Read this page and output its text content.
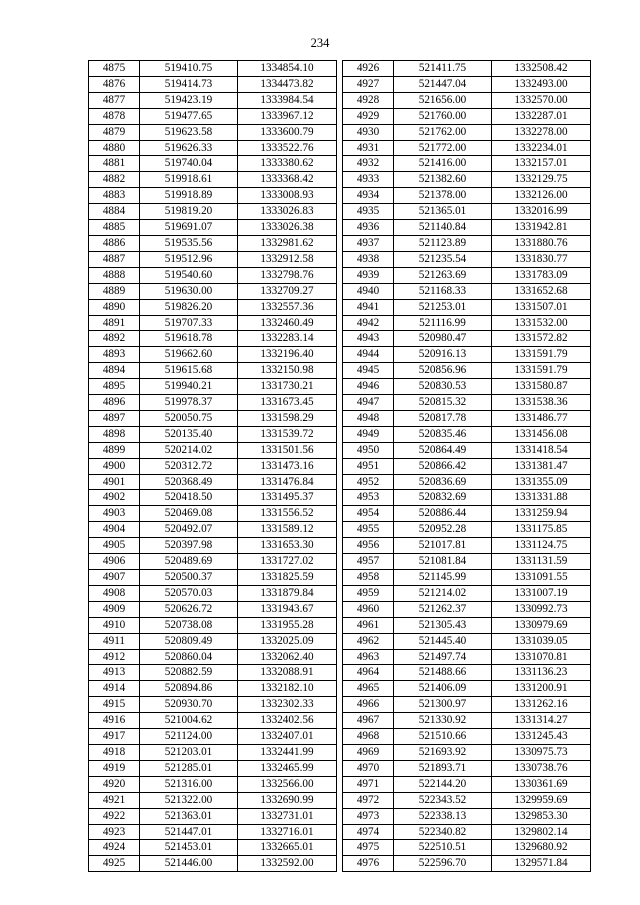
234
4875	519410.75	1334854.10
4876	519414.73	1334473.82
4877	519423.19	1333984.54
4878	519477.65	1333967.12
4879	519623.58	1333600.79
4880	519626.33	1333522.76
4881	519740.04	1333380.62
4882	519918.61	1333368.42
4883	519918.89	1333008.93
4884	519819.20	1333026.83
4885	519691.07	1333026.38
4886	519535.56	1332981.62
4887	519512.96	1332912.58
4888	519540.60	1332798.76
4889	519630.00	1332709.27
4890	519826.20	1332557.36
4891	519707.33	1332460.49
4892	519618.78	1332283.14
4893	519662.60	1332196.40
4894	519615.68	1332150.98
4895	519940.21	1331730.21
4896	519978.37	1331673.45
4897	520050.75	1331598.29
4898	520135.40	1331539.72
4899	520214.02	1331501.56
4900	520312.72	1331473.16
4901	520368.49	1331476.84
4902	520418.50	1331495.37
4903	520469.08	1331556.52
4904	520492.07	1331589.12
4905	520397.98	1331653.30
4906	520489.69	1331727.02
4907	520500.37	1331825.59
4908	520570.03	1331879.84
4909	520626.72	1331943.67
4910	520738.08	1331955.28
4911	520809.49	1332025.09
4912	520860.04	1332062.40
4913	520882.59	1332088.91
4914	520894.86	1332182.10
4915	520930.70	1332302.33
4916	521004.62	1332402.56
4917	521124.00	1332407.01
4918	521203.01	1332441.99
4919	521285.01	1332465.99
4920	521316.00	1332566.00
4921	521322.00	1332690.99
4922	521363.01	1332731.01
4923	521447.01	1332716.01
4924	521453.01	1332665.01
4925	521446.00	1332592.00
4926	521411.75	1332508.42
4927	521447.04	1332493.00
4928	521656.00	1332570.00
4929	521760.00	1332287.01
4930	521762.00	1332278.00
4931	521772.00	1332234.01
4932	521416.00	1332157.01
4933	521382.60	1332129.75
4934	521378.00	1332126.00
4935	521365.01	1332016.99
4936	521140.84	1331942.81
4937	521123.89	1331880.76
4938	521235.54	1331830.77
4939	521263.69	1331783.09
4940	521168.33	1331652.68
4941	521253.01	1331507.01
4942	521116.99	1331532.00
4943	520980.47	1331572.82
4944	520916.13	1331591.79
4945	520856.96	1331591.79
4946	520830.53	1331580.87
4947	520815.32	1331538.36
4948	520817.78	1331486.77
4949	520835.46	1331456.08
4950	520864.49	1331418.54
4951	520866.42	1331381.47
4952	520836.69	1331355.09
4953	520832.69	1331331.88
4954	520886.44	1331259.94
4955	520952.28	1331175.85
4956	521017.81	1331124.75
4957	521081.84	1331131.59
4958	521145.99	1331091.55
4959	521214.02	1331007.19
4960	521262.37	1330992.73
4961	521305.43	1330979.69
4962	521445.40	1331039.05
4963	521497.74	1331070.81
4964	521488.66	1331136.23
4965	521406.09	1331200.91
4966	521300.97	1331262.16
4967	521330.92	1331314.27
4968	521510.66	1331245.43
4969	521693.92	1330975.73
4970	521893.71	1330738.76
4971	522144.20	1330361.69
4972	522343.52	1329959.69
4973	522338.13	1329853.30
4974	522340.82	1329802.14
4975	522510.51	1329680.92
4976	522596.70	1329571.84
